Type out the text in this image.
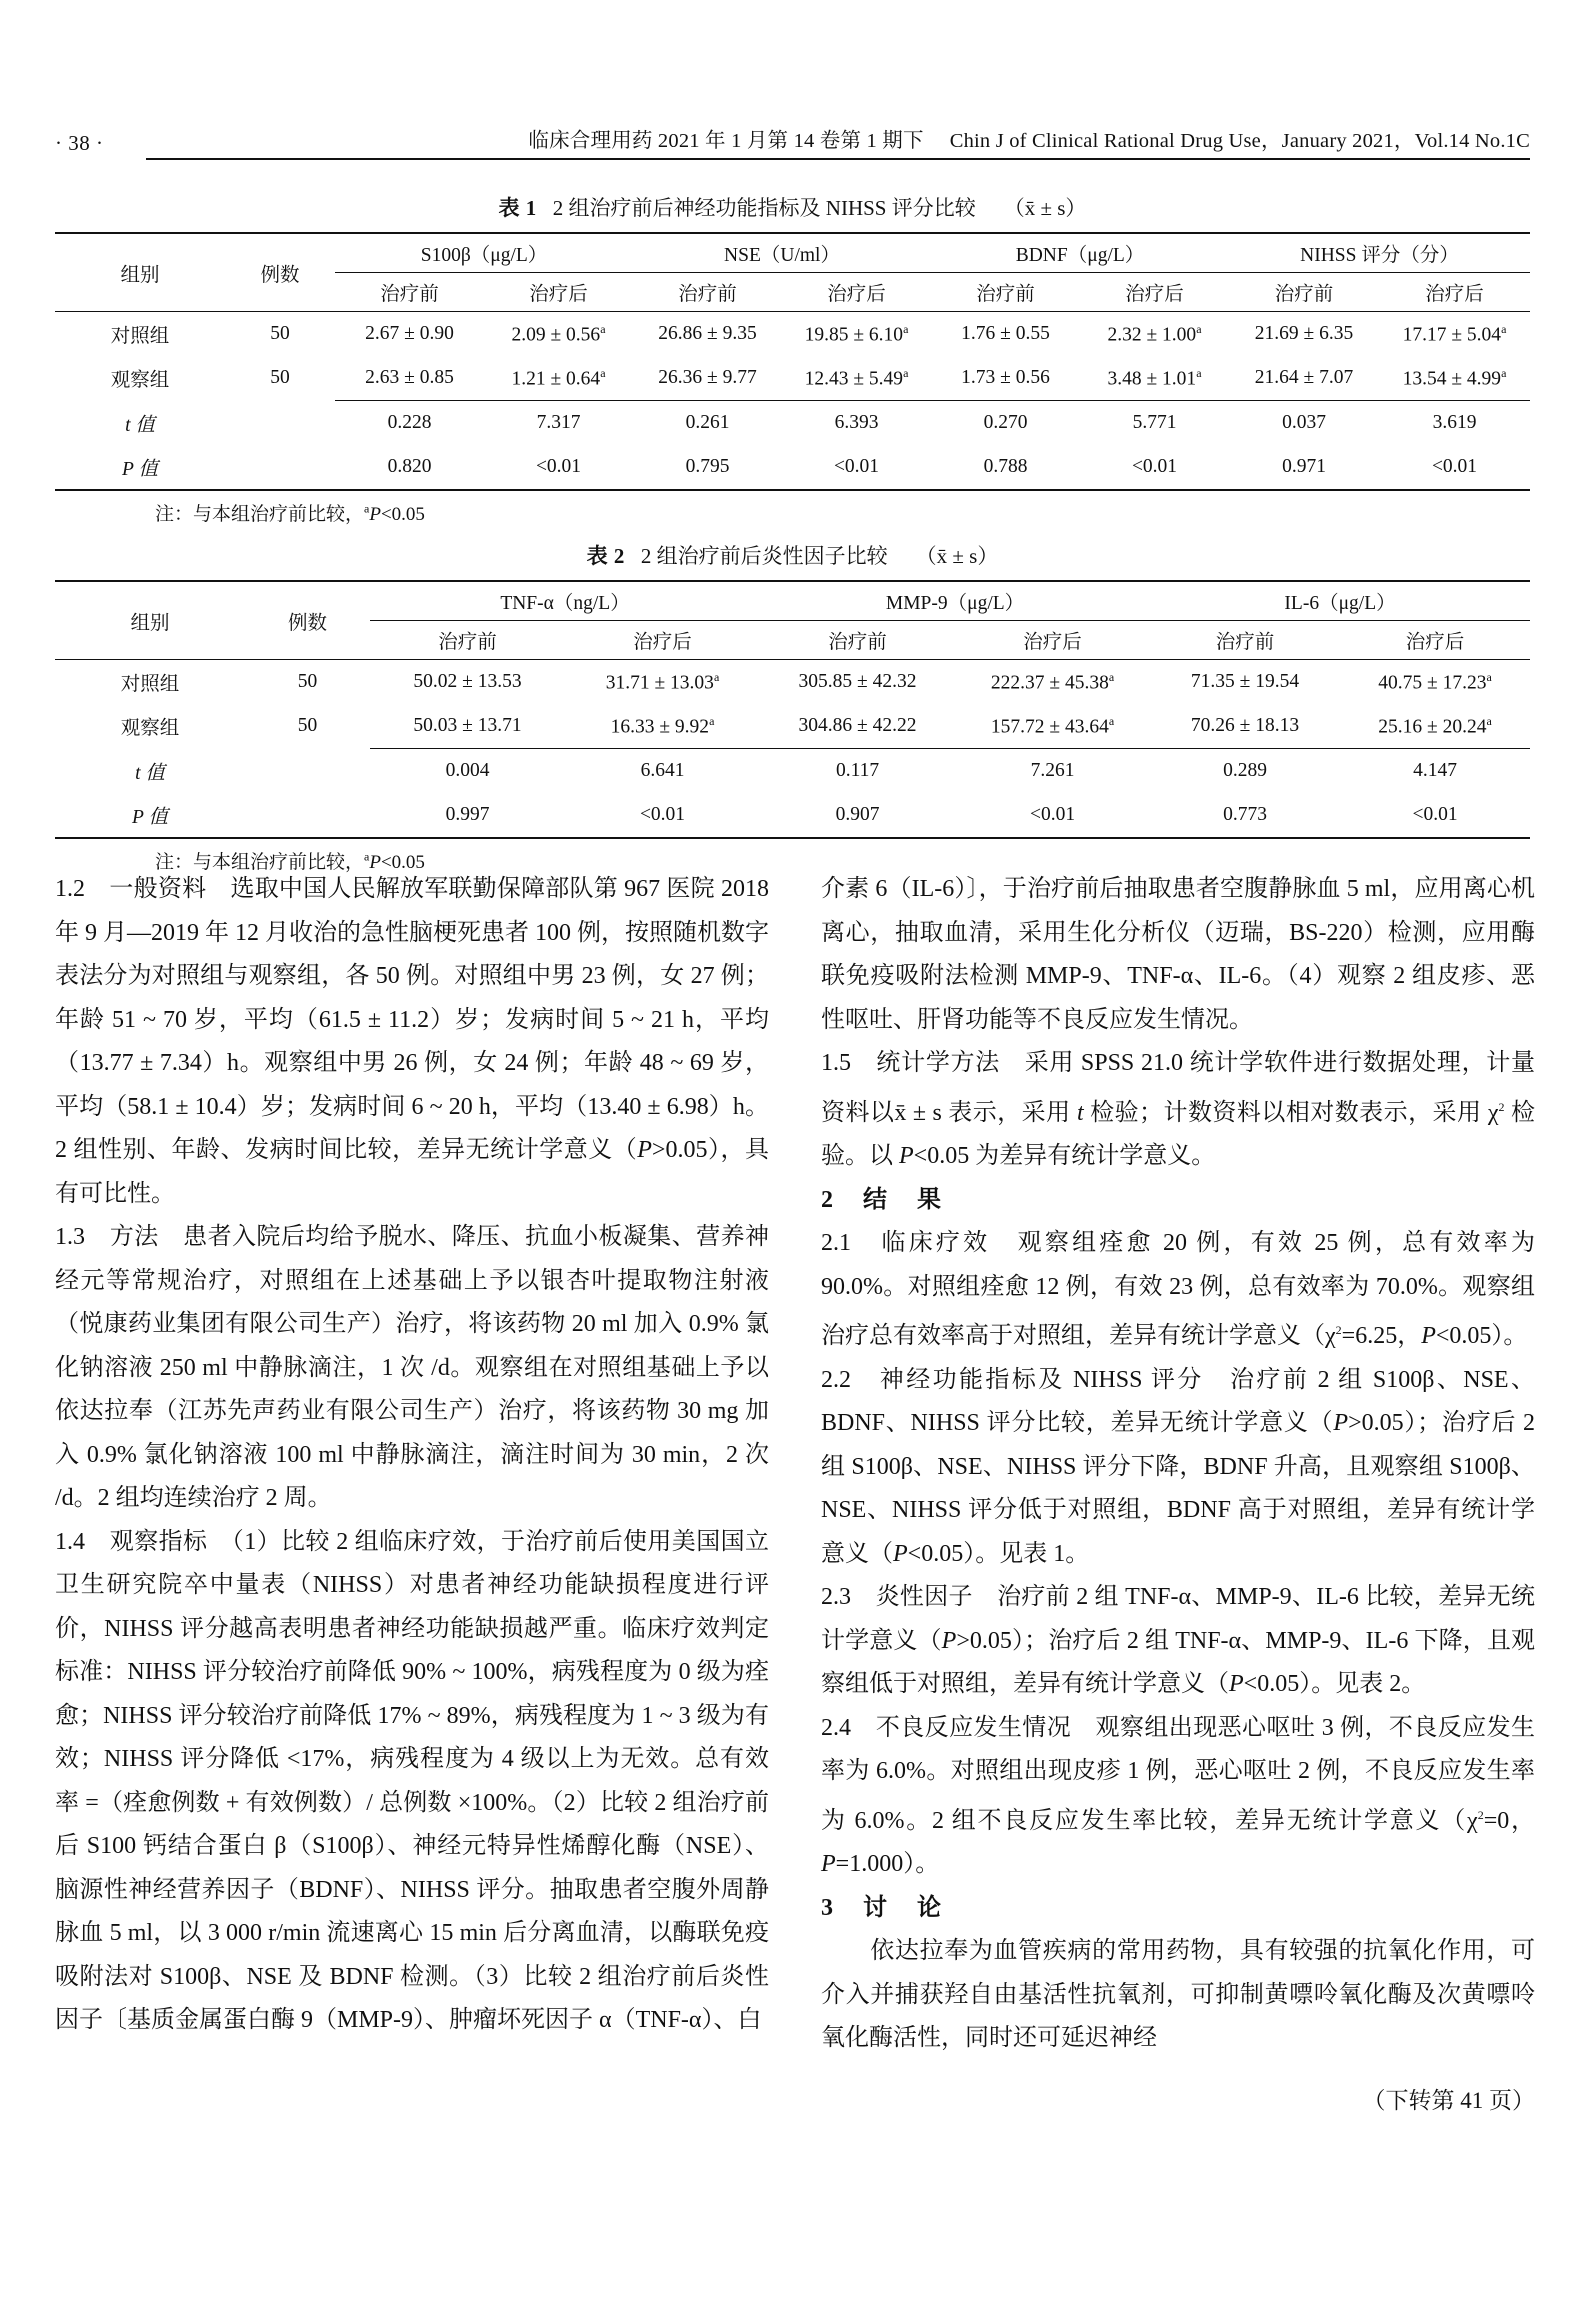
· 38 ·	临床合理用药 2021 年 1 月第 14 卷第 1 期下 Chin J of Clinical Rational Drug Use，January 2021，Vol.14 No.1C
表 1 2 组治疗前后神经功能指标及 NIHSS 评分比较 （x̄ ± s）
组别	例数	S100β（μg/L）		NSE（U/ml）		BDNF（μg/L）		NIHSS 评分（分）	
		治疗前	治疗后	治疗前	治疗后	治疗前	治疗后	治疗前	治疗后
对照组	50	2.67 ± 0.90	2.09 ± 0.56$^a$	26.86 ± 9.35	19.85 ± 6.10$^a$	1.76 ± 0.55	2.32 ± 1.00$^a$	21.69 ± 6.35	17.17 ± 5.04$^a$
观察组	50	2.63 ± 0.85	1.21 ± 0.64$^a$	26.36 ± 9.77	12.43 ± 5.49$^a$	1.73 ± 0.56	3.48 ± 1.01$^a$	21.64 ± 7.07	13.54 ± 4.99$^a$
t 值		0.228	7.317	0.261	6.393	0.270	5.771	0.037	3.619
P 值		0.820	<0.01	0.795	<0.01	0.788	<0.01	0.971	<0.01
注：与本组治疗前比较，$^a$P<0.05
表 2 2 组治疗前后炎性因子比较 （x̄ ± s）
组别	例数	TNF-α（ng/L）		MMP-9（μg/L）		IL-6（μg/L）	
		治疗前	治疗后	治疗前	治疗后	治疗前	治疗后
对照组	50	50.02 ± 13.53	31.71 ± 13.03$^a$	305.85 ± 42.32	222.37 ± 45.38$^a$	71.35 ± 19.54	40.75 ± 17.23$^a$
观察组	50	50.03 ± 13.71	16.33 ± 9.92$^a$	304.86 ± 42.22	157.72 ± 43.64$^a$	70.26 ± 18.13	25.16 ± 20.24$^a$
t 值		0.004	6.641	0.117	7.261	0.289	4.147
P 值		0.997	<0.01	0.907	<0.01	0.773	<0.01
注：与本组治疗前比较，$^a$P<0.05

1.2　一般资料　选取中国人民解放军联勤保障部队第 967 医院 2018 年 9 月—2019 年 12 月收治的急性脑梗死患者 100 例，按照随机数字表法分为对照组与观察组，各 50 例。对照组中男 23 例，女 27 例；年龄 51 ~ 70 岁，平均（61.5 ± 11.2）岁；发病时间 5 ~ 21 h，平均（13.77 ± 7.34）h。观察组中男 26 例，女 24 例；年龄 48 ~ 69 岁，平均（58.1 ± 10.4）岁；发病时间 6 ~ 20 h，平均（13.40 ± 6.98）h。2 组性别、年龄、发病时间比较，差异无统计学意义（P>0.05），具有可比性。

1.3　方法　患者入院后均给予脱水、降压、抗血小板凝集、营养神经元等常规治疗，对照组在上述基础上予以银杏叶提取物注射液（悦康药业集团有限公司生产）治疗，将该药物 20 ml 加入 0.9% 氯化钠溶液 250 ml 中静脉滴注，1 次 /d。观察组在对照组基础上予以依达拉奉（江苏先声药业有限公司生产）治疗，将该药物 30 mg 加入 0.9% 氯化钠溶液 100 ml 中静脉滴注，滴注时间为 30 min，2 次 /d。2 组均连续治疗 2 周。

1.4　观察指标　（1）比较 2 组临床疗效，于治疗前后使用美国国立卫生研究院卒中量表（NIHSS）对患者神经功能缺损程度进行评价，NIHSS 评分越高表明患者神经功能缺损越严重。临床疗效判定标准：NIHSS 评分较治疗前降低 90% ~ 100%，病残程度为 0 级为痊愈；NIHSS 评分较治疗前降低 17% ~ 89%，病残程度为 1 ~ 3 级为有效；NIHSS 评分降低 <17%，病残程度为 4 级以上为无效。总有效率 =（痊愈例数 + 有效例数）/ 总例数 ×100%。（2）比较 2 组治疗前后 S100 钙结合蛋白 β（S100β）、神经元特异性烯醇化酶（NSE）、脑源性神经营养因子（BDNF）、NIHSS 评分。抽取患者空腹外周静脉血 5 ml，以 3 000 r/min 流速离心 15 min 后分离血清，以酶联免疫吸附法对 S100β、NSE 及 BDNF 检测。（3）比较 2 组治疗前后炎性因子〔基质金属蛋白酶 9（MMP-9）、肿瘤坏死因子 α（TNF-α）、白

介素 6（IL-6）〕，于治疗前后抽取患者空腹静脉血 5 ml，应用离心机离心，抽取血清，采用生化分析仪（迈瑞，BS-220）检测，应用酶联免疫吸附法检测 MMP-9、TNF-α、IL-6。（4）观察 2 组皮疹、恶性呕吐、肝肾功能等不良反应发生情况。

1.5　统计学方法　采用 SPSS 21.0 统计学软件进行数据处理，计量资料以x̄ ± s 表示，采用 t 检验；计数资料以相对数表示，采用 $\chi^2$ 检验。以 P<0.05 为差异有统计学意义。

2　结　果

2.1　临床疗效　观察组痊愈 20 例，有效 25 例，总有效率为 90.0%。对照组痊愈 12 例，有效 23 例，总有效率为 70.0%。观察组治疗总有效率高于对照组，差异有统计学意义（$\chi^2=6.25$，P<0.05）。

2.2　神经功能指标及 NIHSS 评分　治疗前 2 组 S100β、NSE、BDNF、NIHSS 评分比较，差异无统计学意义（P>0.05）；治疗后 2 组 S100β、NSE、NIHSS 评分下降，BDNF 升高，且观察组 S100β、NSE、NIHSS 评分低于对照组，BDNF 高于对照组，差异有统计学意义（P<0.05）。见表 1。

2.3　炎性因子　治疗前 2 组 TNF-α、MMP-9、IL-6 比较，差异无统计学意义（P>0.05）；治疗后 2 组 TNF-α、MMP-9、IL-6 下降，且观察组低于对照组，差异有统计学意义（P<0.05）。见表 2。

2.4　不良反应发生情况　观察组出现恶心呕吐 3 例，不良反应发生率为 6.0%。对照组出现皮疹 1 例，恶心呕吐 2 例，不良反应发生率为 6.0%。2 组不良反应发生率比较，差异无统计学意义（$\chi^2=0$，P=1.000）。

3　讨　论

　　依达拉奉为血管疾病的常用药物，具有较强的抗氧化作用，可介入并捕获羟自由基活性抗氧剂，可抑制黄嘌呤氧化酶及次黄嘌呤氧化酶活性，同时还可延迟神经

（下转第 41 页）
